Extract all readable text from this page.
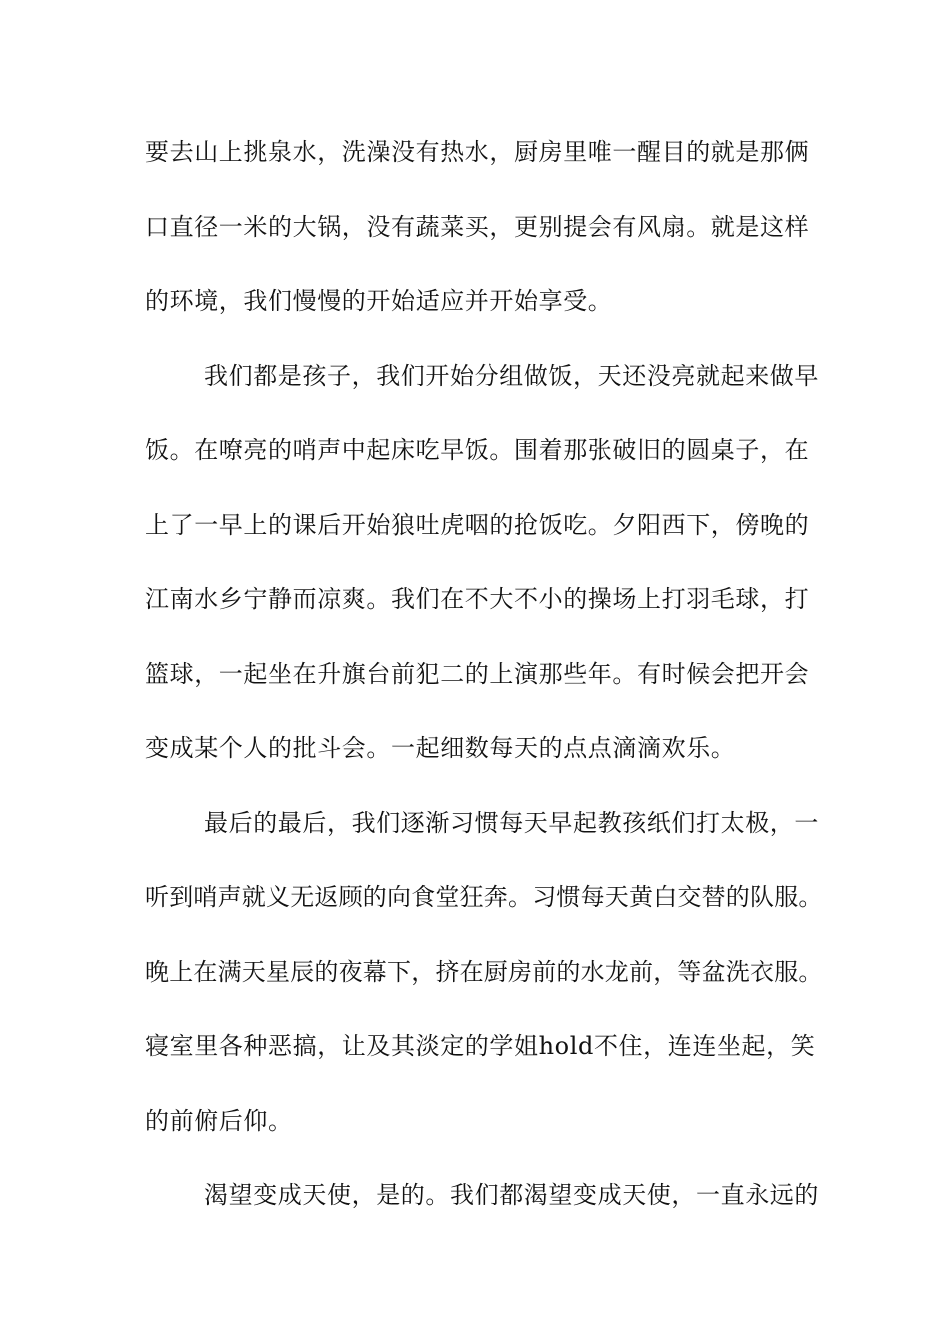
要去山上挑泉水，洗澡没有热水，厨房里唯一醒目的就是那俩
口直径一米的大锅，没有蔬菜买，更别提会有风扇。就是这样
的环境，我们慢慢的开始适应并开始享受。
我们都是孩子，我们开始分组做饭，天还没亮就起来做早
饭。在嘹亮的哨声中起床吃早饭。围着那张破旧的圆桌子，在
上了一早上的课后开始狼吐虎咽的抢饭吃。夕阳西下，傍晚的
江南水乡宁静而凉爽。我们在不大不小的操场上打羽毛球，打
篮球，一起坐在升旗台前犯二的上演那些年。有时候会把开会
变成某个人的批斗会。一起细数每天的点点滴滴欢乐。
最后的最后，我们逐渐习惯每天早起教孩纸们打太极，一
听到哨声就义无返顾的向食堂狂奔。习惯每天黄白交替的队服。
晚上在满天星辰的夜幕下，挤在厨房前的水龙前，等盆洗衣服。
寝室里各种恶搞，让及其淡定的学姐hold不住，连连坐起，笑
的前俯后仰。
渴望变成天使，是的。我们都渴望变成天使，一直永远的
